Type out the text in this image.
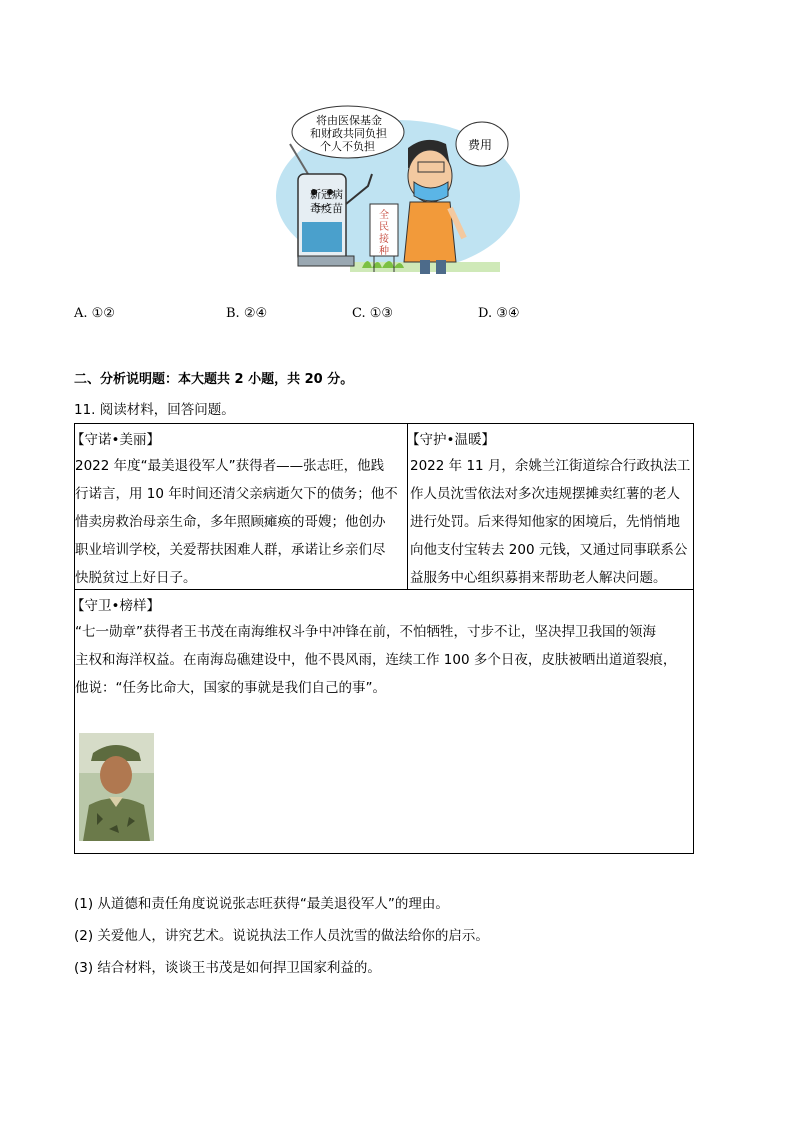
新冠病
毒疫苗
将由医保基金
和财政共同负担
个人不负担	费用
全
民
接
种
A. ①②	B. ②④	C. ①③	D. ③④
二、分析说明题：本大题共 2 小题，共 20 分。
11. 阅读材料，回答问题。
【守诺•美丽】
2022 年度“最美退役军人”获得者——张志旺，他践
行诺言，用 10 年时间还清父亲病逝欠下的债务；他不
惜卖房救治母亲生命，多年照顾瘫痪的哥嫂；他创办
职业培训学校，关爱帮扶困难人群，承诺让乡亲们尽
快脱贫过上好日子。
【守护•温暖】
2022 年 11 月，余姚兰江街道综合行政执法工
作人员沈雪依法对多次违规摆摊卖红薯的老人
进行处罚。后来得知他家的困境后，先悄悄地
向他支付宝转去 200 元钱，又通过同事联系公
益服务中心组织募捐来帮助老人解决问题。
【守卫•榜样】
“七一勋章”获得者王书茂在南海维权斗争中冲锋在前，不怕牺牲，寸步不让，坚决捍卫我国的领海
主权和海洋权益。在南海岛礁建设中，他不畏风雨，连续工作 100 多个日夜，皮肤被晒出道道裂痕，
他说：“任务比命大，国家的事就是我们自己的事”。
(1) 从道德和责任角度说说张志旺获得“最美退役军人”的理由。
(2) 关爱他人，讲究艺术。说说执法工作人员沈雪的做法给你的启示。
(3) 结合材料，谈谈王书茂是如何捍卫国家利益的。
